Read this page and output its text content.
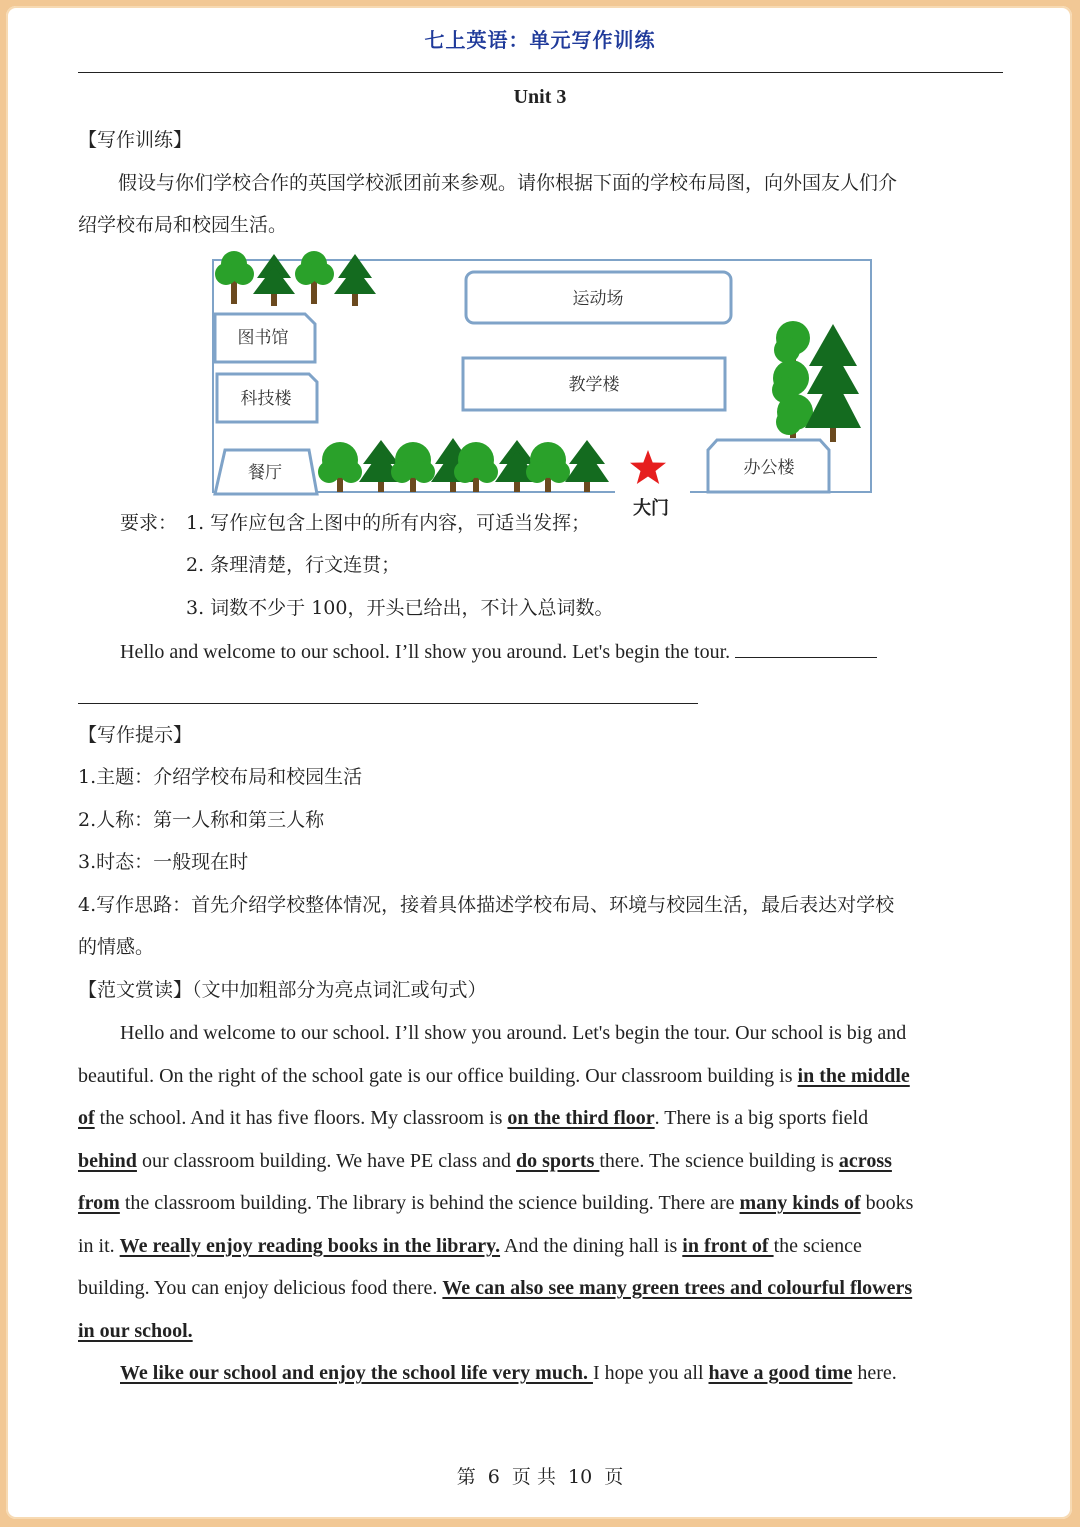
七上英语：单元写作训练
Unit 3
【写作训练】
假设与你们学校合作的英国学校派团前来参观。请你根据下面的学校布局图，向外国友人们介
绍学校布局和校园生活。
图书馆
科技楼
餐厅
运动场
教学楼
办公楼
大门
要求： 1. 写作应包含上图中的所有内容，可适当发挥；
2. 条理清楚，行文连贯；
3. 词数不少于 100，开头已给出，不计入总词数。
Hello and welcome to our school. I’ll show you around. Let's begin the tour.
【写作提示】
1.主题：介绍学校布局和校园生活
2.人称：第一人称和第三人称
3.时态：一般现在时
4.写作思路：首先介绍学校整体情况，接着具体描述学校布局、环境与校园生活，最后表达对学校
的情感。
【范文赏读】（文中加粗部分为亮点词汇或句式）
Hello and welcome to our school. I’ll show you around. Let's begin the tour. Our school is big and
beautiful. On the right of the school gate is our office building. Our classroom building is in the middle
of the school. And it has five floors. My classroom is on the third floor. There is a big sports field
behind our classroom building. We have PE class and do sports there. The science building is across
from the classroom building. The library is behind the science building. There are many kinds of books
in it. We really enjoy reading books in the library. And the dining hall is in front of the science
building. You can enjoy delicious food there. We can also see many green trees and colourful flowers
in our school.
We like our school and enjoy the school life very much. I hope you all have a good time here.
第 6 页 共 10 页
